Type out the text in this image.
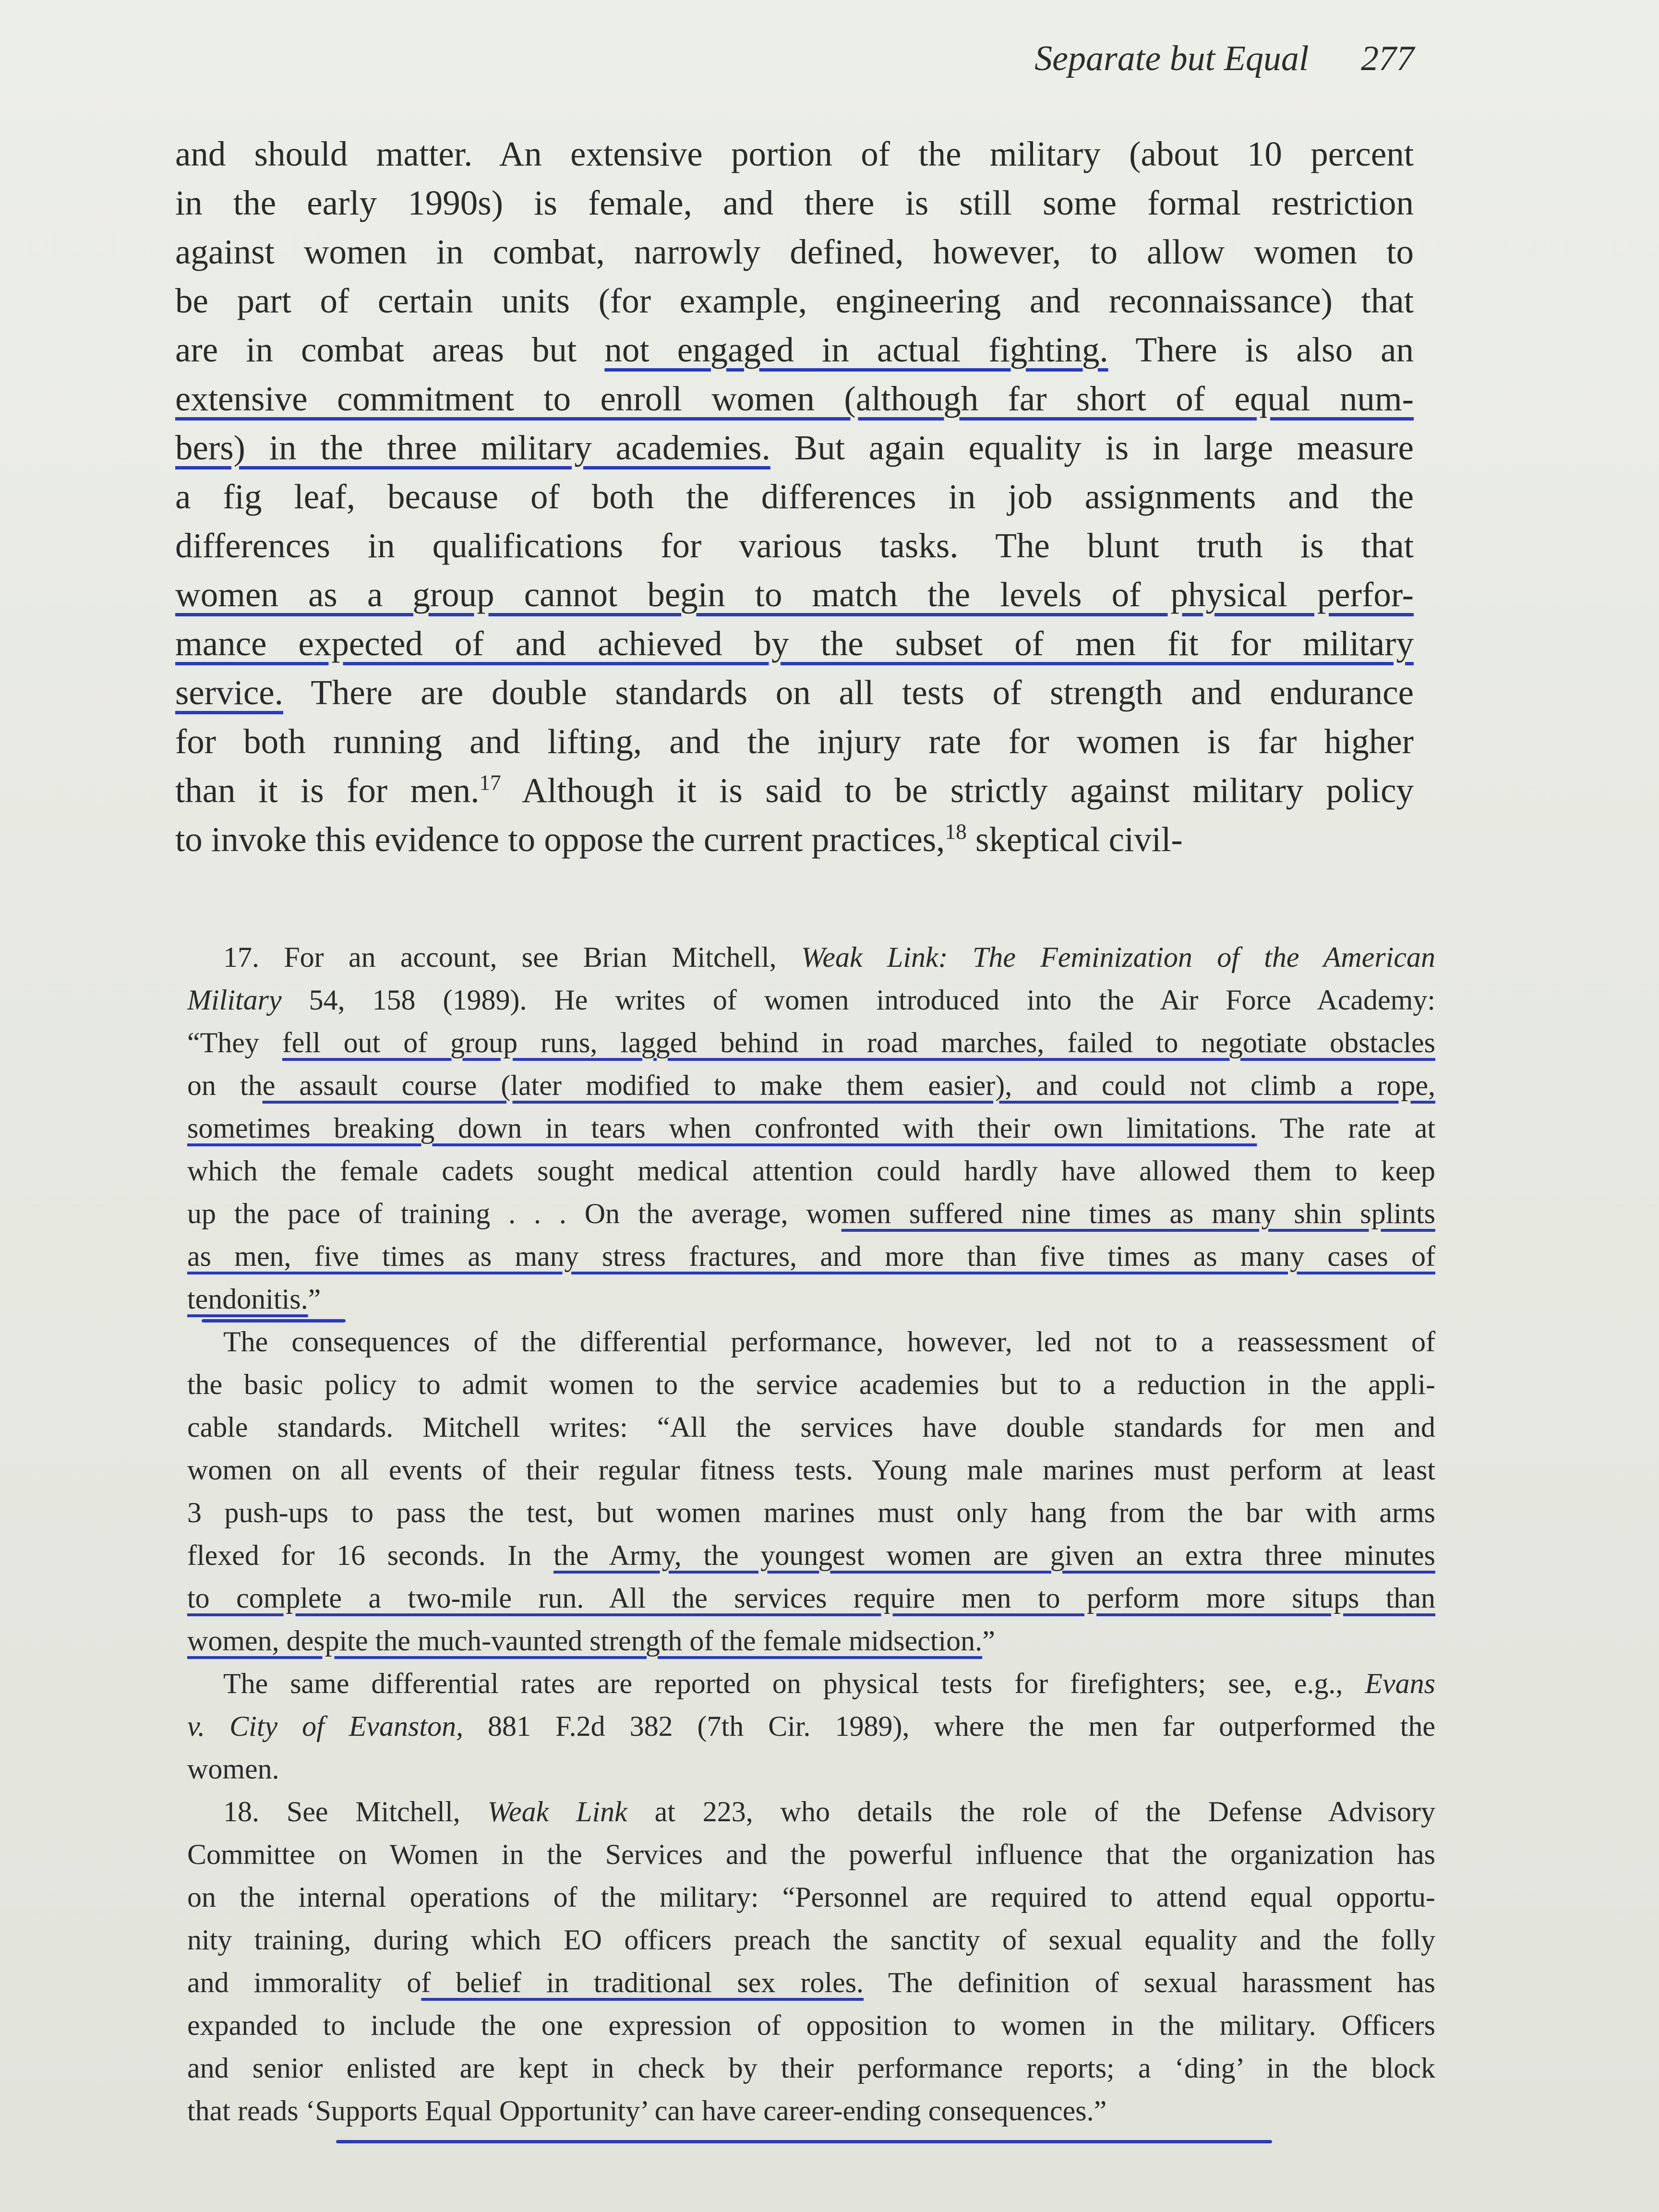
Separate but Equal 277
and should matter. An extensive portion of the military (about 10 percent
in the early 1990s) is female, and there is still some formal restriction
against women in combat, narrowly defined, however, to allow women to
be part of certain units (for example, engineering and reconnaissance) that
are in combat areas but not engaged in actual fighting. There is also an
extensive commitment to enroll women (although far short of equal num-
bers) in the three military academies. But again equality is in large measure
a fig leaf, because of both the differences in job assignments and the
differences in qualifications for various tasks. The blunt truth is that
women as a group cannot begin to match the levels of physical perfor-
mance expected of and achieved by the subset of men fit for military
service. There are double standards on all tests of strength and endurance
for both running and lifting, and the injury rate for women is far higher
than it is for men.$^{17}$ Although it is said to be strictly against military policy
to invoke this evidence to oppose the current practices,$^{18}$ skeptical civil-
17. For an account, see Brian Mitchell, Weak Link: The Feminization of the American
Military 54, 158 (1989). He writes of women introduced into the Air Force Academy:
“They fell out of group runs, lagged behind in road marches, failed to negotiate obstacles
on the assault course (later modified to make them easier), and could not climb a rope,
sometimes breaking down in tears when confronted with their own limitations. The rate at
which the female cadets sought medical attention could hardly have allowed them to keep
up the pace of training . . . On the average, women suffered nine times as many shin splints
as men, five times as many stress fractures, and more than five times as many cases of
tendonitis.”
The consequences of the differential performance, however, led not to a reassessment of
the basic policy to admit women to the service academies but to a reduction in the appli-
cable standards. Mitchell writes: “All the services have double standards for men and
women on all events of their regular fitness tests. Young male marines must perform at least
3 push-ups to pass the test, but women marines must only hang from the bar with arms
flexed for 16 seconds. In the Army, the youngest women are given an extra three minutes
to complete a two-mile run. All the services require men to perform more situps than
women, despite the much-vaunted strength of the female midsection.”
The same differential rates are reported on physical tests for firefighters; see, e.g., Evans
v. City of Evanston, 881 F.2d 382 (7th Cir. 1989), where the men far outperformed the
women.
18. See Mitchell, Weak Link at 223, who details the role of the Defense Advisory
Committee on Women in the Services and the powerful influence that the organization has
on the internal operations of the military: “Personnel are required to attend equal opportu-
nity training, during which EO officers preach the sanctity of sexual equality and the folly
and immorality of belief in traditional sex roles. The definition of sexual harassment has
expanded to include the one expression of opposition to women in the military. Officers
and senior enlisted are kept in check by their performance reports; a ‘ding’ in the block
that reads ‘Supports Equal Opportunity’ can have career-ending consequences.”
